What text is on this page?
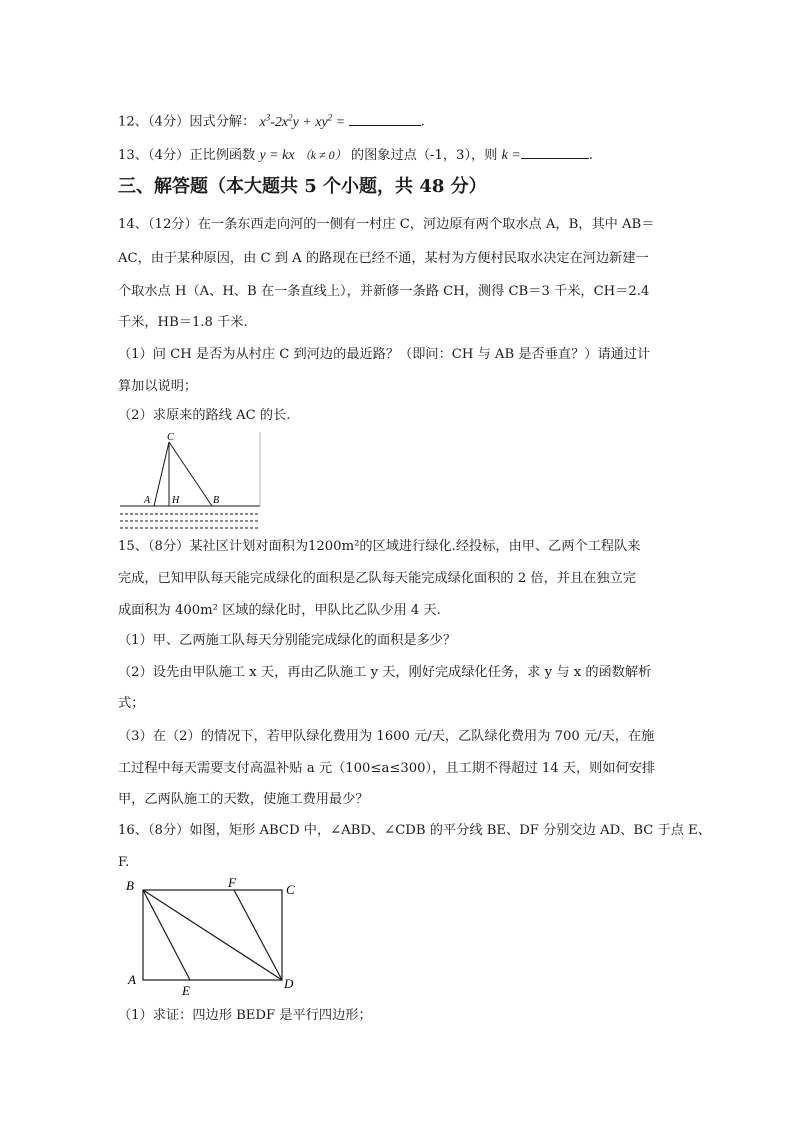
12、（4分）因式分解： $x^3-2x^2y + xy^2$ =	.
13、（4分）正比例函数 y = kx （k ≠ 0） 的图象过点（-1，3），则 k =	.
三、解答题（本大题共 5 个小题，共 48 分）
14、（12分）在一条东西走向河的一侧有一村庄 C，河边原有两个取水点 A，B，其中 AB＝
AC，由于某种原因，由 C 到 A 的路现在已经不通，某村为方便村民取水决定在河边新建一
个取水点 H（A、H、B 在一条直线上），并新修一条路 CH，测得 CB＝3 千米，CH＝2.4
千米，HB＝1.8 千米.
（1）问 CH 是否为从村庄 C 到河边的最近路？（即问：CH 与 AB 是否垂直？）请通过计
算加以说明；
（2）求原来的路线 AC 的长.
C
A H	B
15、（8分）某社区计划对面积为1200m²的区域进行绿化.经投标，由甲、乙两个工程队来
完成，已知甲队每天能完成绿化的面积是乙队每天能完成绿化面积的 2 倍，并且在独立完
成面积为 400m² 区域的绿化时，甲队比乙队少用 4 天.
（1）甲、乙两施工队每天分别能完成绿化的面积是多少？
（2）设先由甲队施工 x 天，再由乙队施工 y 天，刚好完成绿化任务，求 y 与 x 的函数解析
式；
（3）在（2）的情况下，若甲队绿化费用为 1600 元/天，乙队绿化费用为 700 元/天，在施
工过程中每天需要支付高温补贴 a 元（100≤a≤300），且工期不得超过 14 天，则如何安排
甲，乙两队施工的天数，使施工费用最少？
16、（8分）如图，矩形 ABCD 中，∠ABD、∠CDB 的平分线 BE、DF 分别交边 AD、BC 于点 E、
F.
B	F	C
A
E	D
（1）求证：四边形 BEDF 是平行四边形；
